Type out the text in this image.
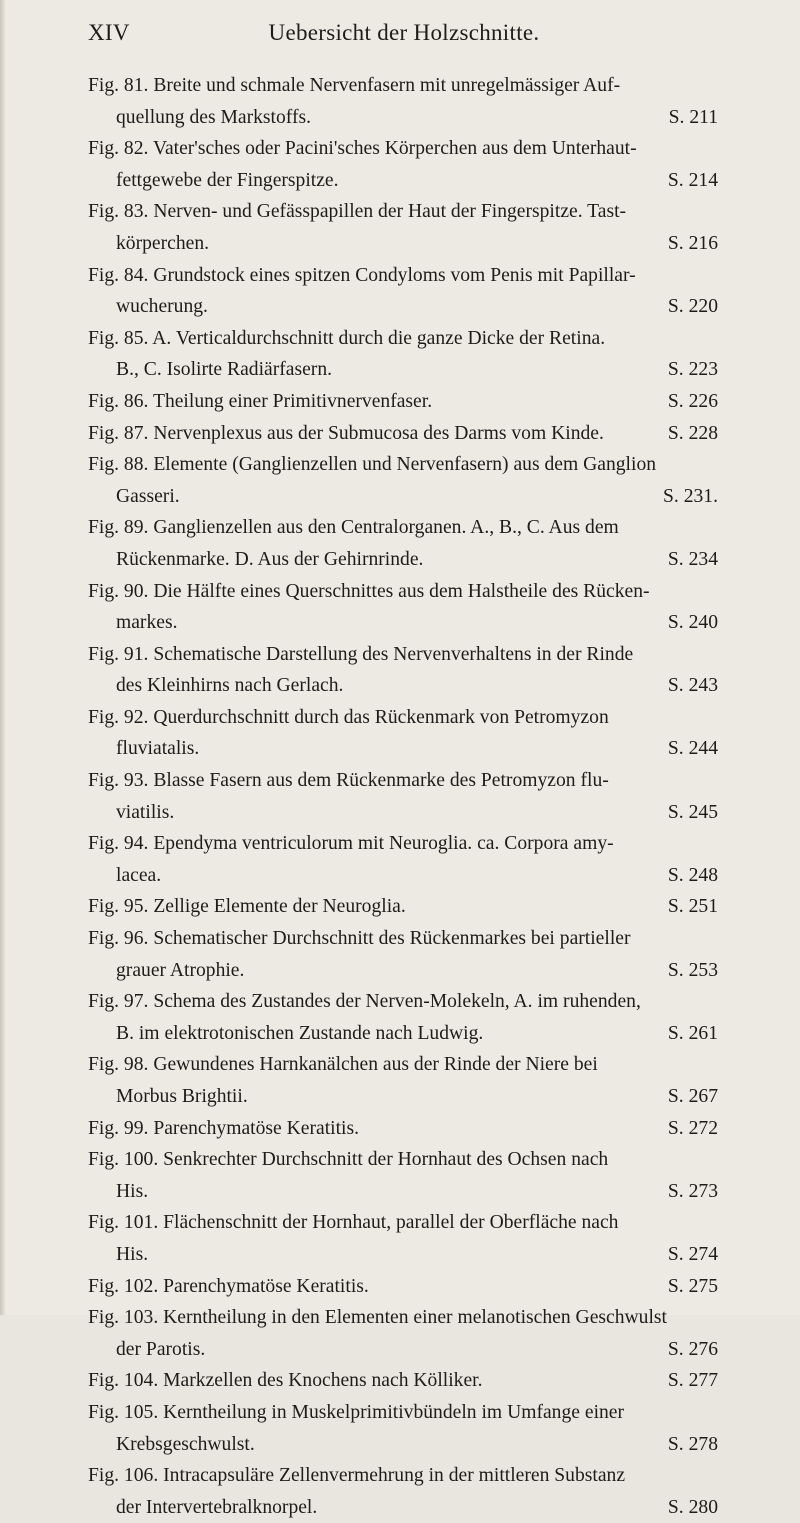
XIV	Uebersicht der Holzschnitte.
Fig. 81. Breite und schmale Nervenfasern mit unregelmässiger Auf-
quellung des Markstoffs.	S. 211
Fig. 82. Vater'sches oder Pacini'sches Körperchen aus dem Unterhaut-
fettgewebe der Fingerspitze.	S. 214
Fig. 83. Nerven- und Gefässpapillen der Haut der Fingerspitze. Tast-
körperchen.	S. 216
Fig. 84. Grundstock eines spitzen Condyloms vom Penis mit Papillar-
wucherung.	S. 220
Fig. 85. A. Verticaldurchschnitt durch die ganze Dicke der Retina.
B., C. Isolirte Radiärfasern.	S. 223
Fig. 86. Theilung einer Primitivnervenfaser.	S. 226
Fig. 87. Nervenplexus aus der Submucosa des Darms vom Kinde.	S. 228
Fig. 88. Elemente (Ganglienzellen und Nervenfasern) aus dem Ganglion
Gasseri.	S. 231.
Fig. 89. Ganglienzellen aus den Centralorganen. A., B., C. Aus dem
Rückenmarke. D. Aus der Gehirnrinde.	S. 234
Fig. 90. Die Hälfte eines Querschnittes aus dem Halstheile des Rücken-
markes.	S. 240
Fig. 91. Schematische Darstellung des Nervenverhaltens in der Rinde
des Kleinhirns nach Gerlach.	S. 243
Fig. 92. Querdurchschnitt durch das Rückenmark von Petromyzon
fluviatalis.	S. 244
Fig. 93. Blasse Fasern aus dem Rückenmarke des Petromyzon flu-
viatilis.	S. 245
Fig. 94. Ependyma ventriculorum mit Neuroglia. ca. Corpora amy-
lacea.	S. 248
Fig. 95. Zellige Elemente der Neuroglia.	S. 251
Fig. 96. Schematischer Durchschnitt des Rückenmarkes bei partieller
grauer Atrophie.	S. 253
Fig. 97. Schema des Zustandes der Nerven-Molekeln, A. im ruhenden,
B. im elektrotonischen Zustande nach Ludwig.	S. 261
Fig. 98. Gewundenes Harnkanälchen aus der Rinde der Niere bei
Morbus Brightii.	S. 267
Fig. 99. Parenchymatöse Keratitis.	S. 272
Fig. 100. Senkrechter Durchschnitt der Hornhaut des Ochsen nach
His.	S. 273
Fig. 101. Flächenschnitt der Hornhaut, parallel der Oberfläche nach
His.	S. 274
Fig. 102. Parenchymatöse Keratitis.	S. 275
Fig. 103. Kerntheilung in den Elementen einer melanotischen Geschwulst
der Parotis.	S. 276
Fig. 104. Markzellen des Knochens nach Kölliker.	S. 277
Fig. 105. Kerntheilung in Muskelprimitivbündeln im Umfange einer
Krebsgeschwulst.	S. 278
Fig. 106. Intracapsuläre Zellenvermehrung in der mittleren Substanz
der Intervertebralknorpel.	S. 280
